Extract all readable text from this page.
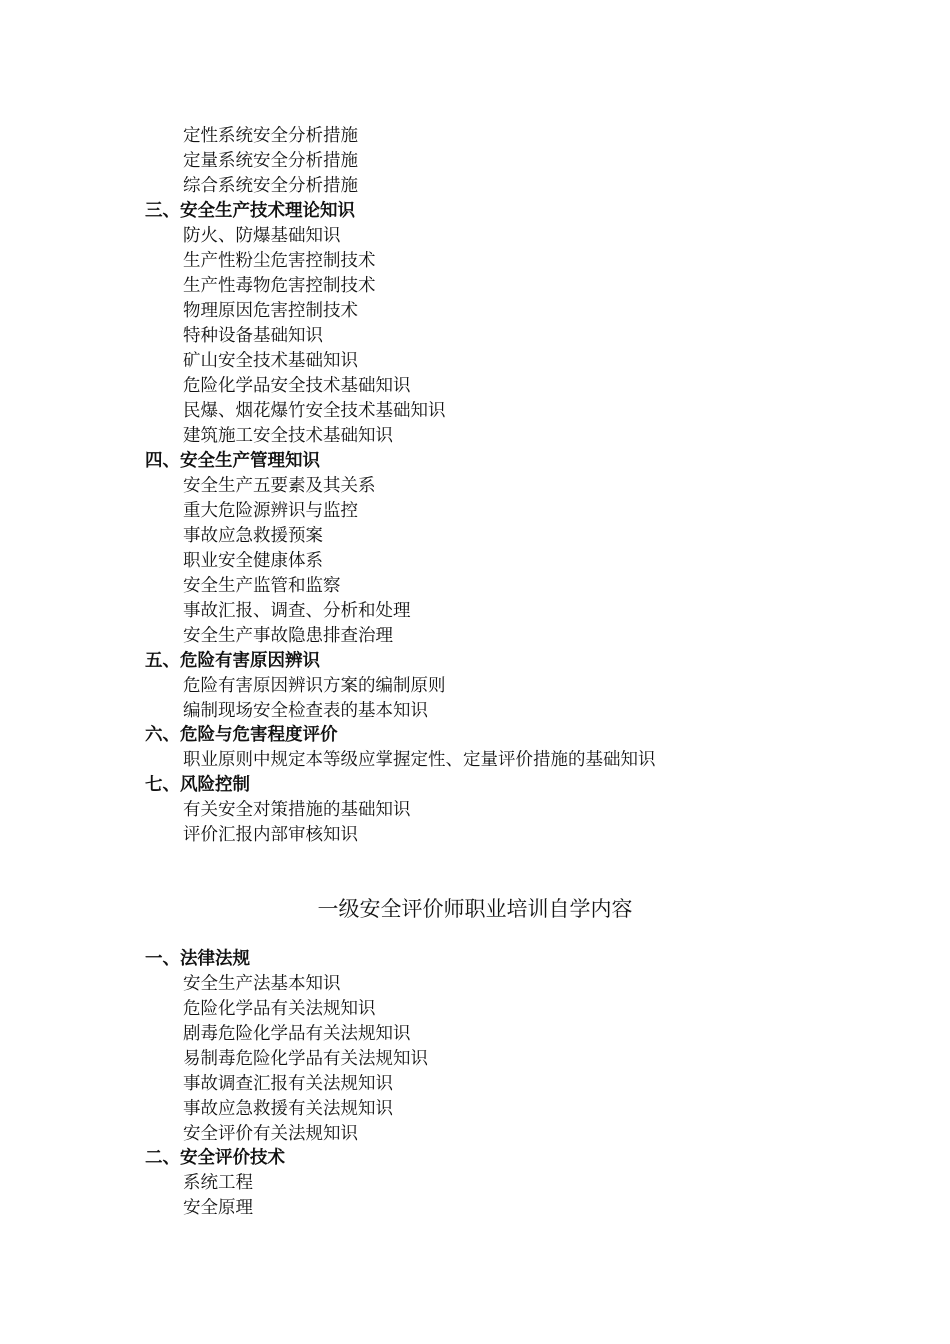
定性系统安全分析措施
定量系统安全分析措施
综合系统安全分析措施
三、安全生产技术理论知识
防火、防爆基础知识
生产性粉尘危害控制技术
生产性毒物危害控制技术
物理原因危害控制技术
特种设备基础知识
矿山安全技术基础知识
危险化学品安全技术基础知识
民爆、烟花爆竹安全技术基础知识
建筑施工安全技术基础知识
四、安全生产管理知识
安全生产五要素及其关系
重大危险源辨识与监控
事故应急救援预案
职业安全健康体系
安全生产监管和监察
事故汇报、调查、分析和处理
安全生产事故隐患排查治理
五、危险有害原因辨识
危险有害原因辨识方案的编制原则
编制现场安全检查表的基本知识
六、危险与危害程度评价
职业原则中规定本等级应掌握定性、定量评价措施的基础知识
七、风险控制
有关安全对策措施的基础知识
评价汇报内部审核知识
一级安全评价师职业培训自学内容
一、法律法规
安全生产法基本知识
危险化学品有关法规知识
剧毒危险化学品有关法规知识
易制毒危险化学品有关法规知识
事故调查汇报有关法规知识
事故应急救援有关法规知识
安全评价有关法规知识
二、安全评价技术
系统工程
安全原理
